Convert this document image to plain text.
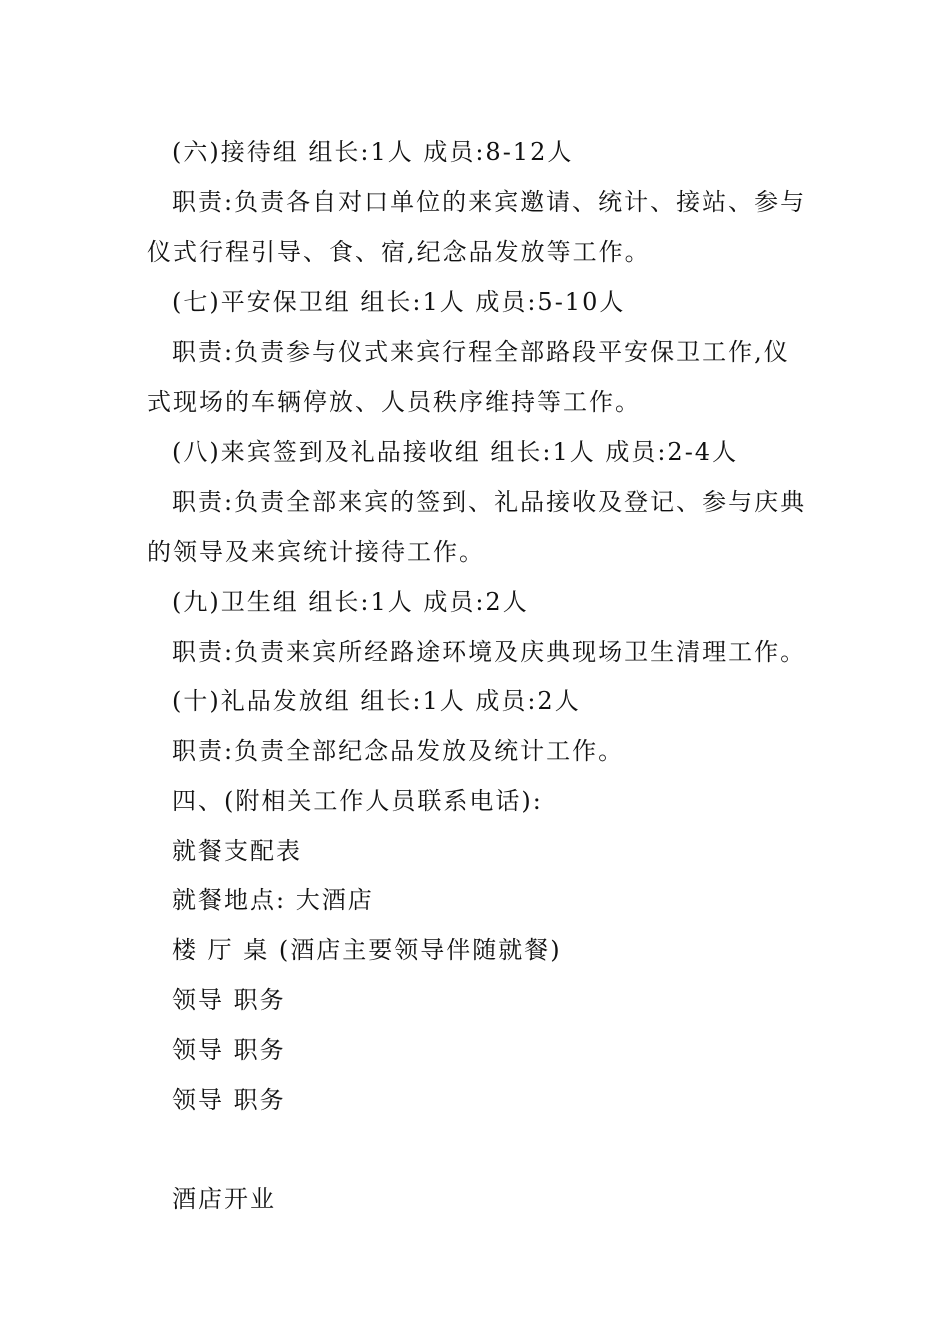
(六)接待组 组长:1人 成员:8-12人
职责:负责各自对口单位的来宾邀请、统计、接站、参与
仪式行程引导、食、宿,纪念品发放等工作。
(七)平安保卫组 组长:1人 成员:5-10人
职责:负责参与仪式来宾行程全部路段平安保卫工作,仪
式现场的车辆停放、人员秩序维持等工作。
(八)来宾签到及礼品接收组 组长:1人 成员:2-4人
职责:负责全部来宾的签到、礼品接收及登记、参与庆典
的领导及来宾统计接待工作。
(九)卫生组 组长:1人 成员:2人
职责:负责来宾所经路途环境及庆典现场卫生清理工作。
(十)礼品发放组 组长:1人 成员:2人
职责:负责全部纪念品发放及统计工作。
四、(附相关工作人员联系电话):
就餐支配表
就餐地点: 大酒店
楼 厅 桌 (酒店主要领导伴随就餐)
领导 职务
领导 职务
领导 职务
酒店开业
